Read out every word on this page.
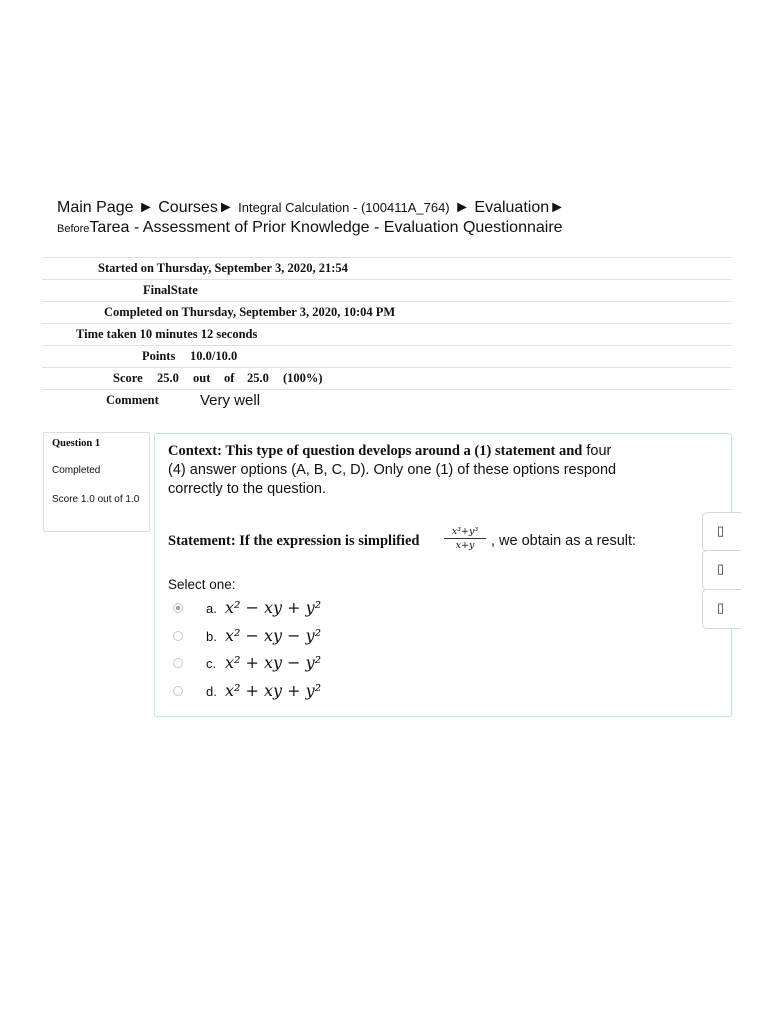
Main Page ► Courses► Integral Calculation - (100411A_764) ► Evaluation►
BeforeTarea - Assessment of Prior Knowledge - Evaluation Questionnaire
Started on Thursday, September 3, 2020, 21:54
FinalState
Completed on Thursday, September 3, 2020, 10:04 PM
Time taken 10 minutes 12 seconds
Points 10.0/10.0
Score 25.0 out of 25.0 (100%)
Comment	Very well
Question 1
Completed
Score 1.0 out of 1.0
Context: This type of question develops around a (1) statement and four (4) answer options (A, B, C, D). Only one (1) of these options respond correctly to the question.
Statement: If the expression is simplified	$\frac{\text{x³+y³}}{x+y}$ , we obtain as a result:
Select one:
a. x² − xy + y²
b. x² − xy − y²
c. x² + xy − y²
d. x² + xy + y²
▯
▯
▯
